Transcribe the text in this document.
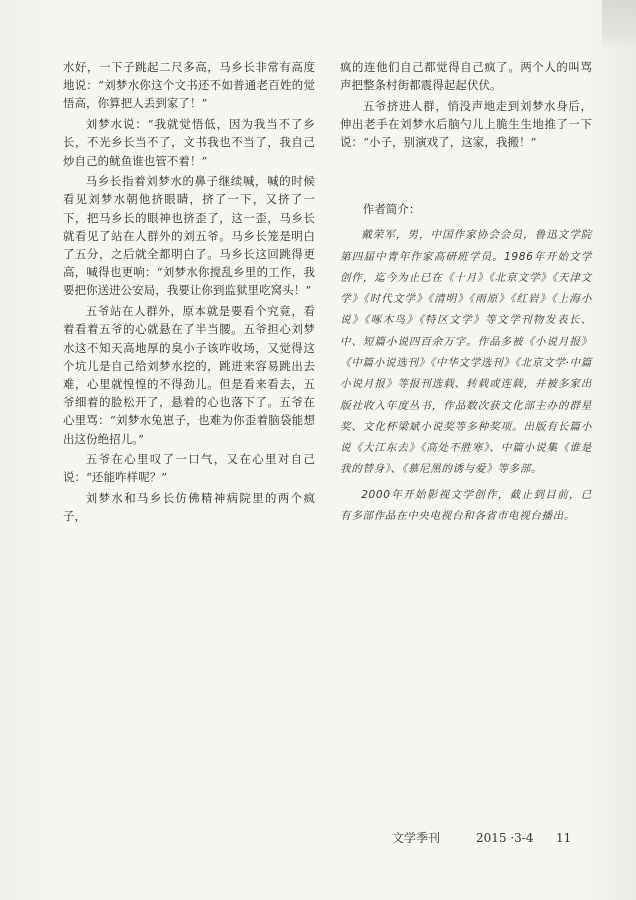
水好，一下子跳起二尺多高，马乡长非常有高度地说：“刘梦水你这个文书还不如普通老百姓的觉悟高，你算把人丢到家了！”

刘梦水说：“我就觉悟低，因为我当不了乡长，不光乡长当不了，文书我也不当了，我自己炒自己的鱿鱼谁也管不着！”

马乡长指着刘梦水的鼻子继续喊，喊的时候看见刘梦水朝他挤眼睛，挤了一下，又挤了一下，把马乡长的眼神也挤歪了，这一歪，马乡长就看见了站在人群外的刘五爷。马乡长笼是明白了五分，之后就全都明白了。马乡长这回跳得更高，喊得也更响：“刘梦水你搅乱乡里的工作，我要把你送进公安局，我要让你到监狱里吃窝头！”

五爷站在人群外，原本就是要看个究竟，看着看着五爷的心就悬在了半当腰。五爷担心刘梦水这不知天高地厚的臭小子该咋收场，又觉得这个坑儿是自己给刘梦水挖的，跳进来容易跳出去难，心里就惶惶的不得劲儿。但是看来看去，五爷细着的脸松开了，悬着的心也落下了。五爷在心里骂：“刘梦水兔崽子，也难为你歪着脑袋能想出这份绝招儿。”

五爷在心里叹了一口气，又在心里对自己说：“还能咋样呢？”

刘梦水和马乡长仿佛精神病院里的两个疯子，

疯的连他们自己都觉得自己疯了。两个人的叫骂声把整条村街都震得起起伏伏。

五爷挤进人群，悄没声地走到刘梦水身后，伸出老手在刘梦水后脑勺儿上脆生生地推了一下说：“小子，别演戏了，这家，我搬！”

作者简介：

戴荣军，男，中国作家协会会员，鲁迅文学院第四届中青年作家高研班学员。1986年开始文学创作，迄今为止已在《十月》《北京文学》《天津文学》《时代文学》《清明》《雨原》《红岩》《上海小说》《啄木鸟》《特区文学》等文学刊物发表长、中、短篇小说四百余万字。作品多被《小说月报》《中篇小说选刊》《中华文学选刊》《北京文学·中篇小说月报》等报刊选载、转载或连载，并被多家出版社收入年度丛书，作品数次获文化部主办的群星奖、文化杯梁斌小说奖等多种奖项。出版有长篇小说《大江东去》《高处不胜寒》、中篇小说集《谁是我的替身》、《慕尼黑的诱与爱》等多部。

2000年开始影视文学创作，截止到目前，已有多部作品在中央电视台和各省市电视台播出。

文学季刊	2015 ·3-4 11
